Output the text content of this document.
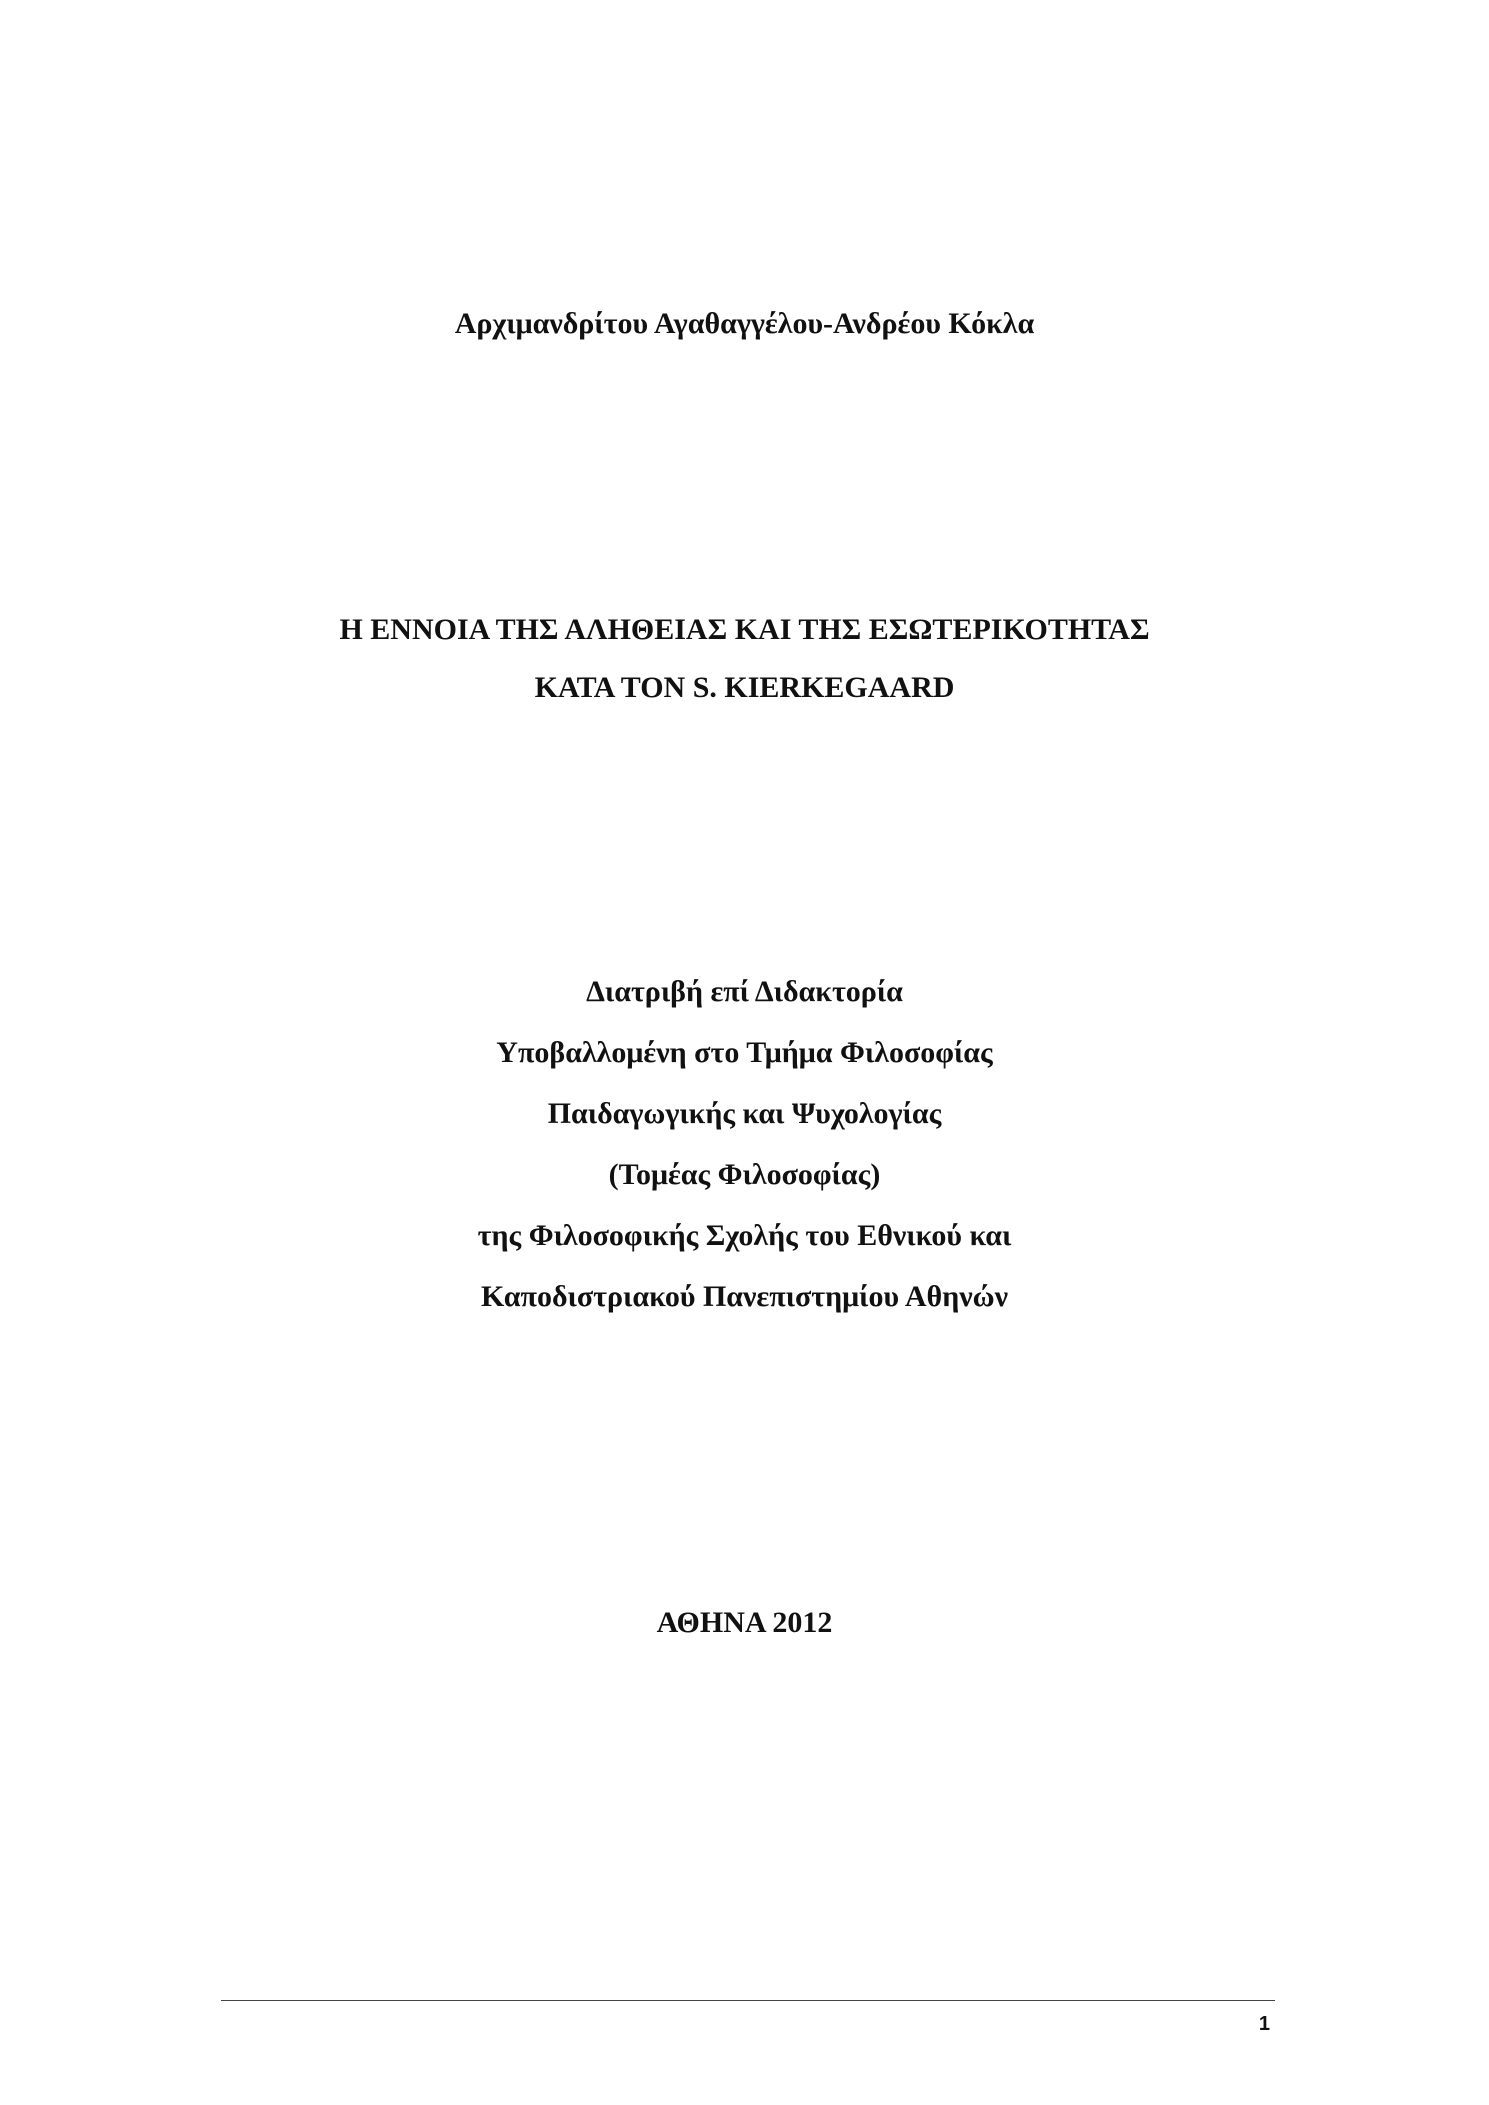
Αρχιμανδρίτου Αγαθαγγέλου-Ανδρέου Κόκλα
Η ΕΝΝΟΙΑ ΤΗΣ ΑΛΗΘΕΙΑΣ ΚΑΙ ΤΗΣ ΕΣΩΤΕΡΙΚΟΤΗΤΑΣ
ΚΑΤΑ ΤΟΝ S. KIERKEGAARD
Διατριβή επί Διδακτορία
Υποβαλλομένη στο Τμήμα Φιλοσοφίας
Παιδαγωγικής και Ψυχολογίας
(Τομέας Φιλοσοφίας)
της Φιλοσοφικής Σχολής του Εθνικού και
Καποδιστριακού Πανεπιστημίου Αθηνών
ΑΘΗΝΑ 2012
1
